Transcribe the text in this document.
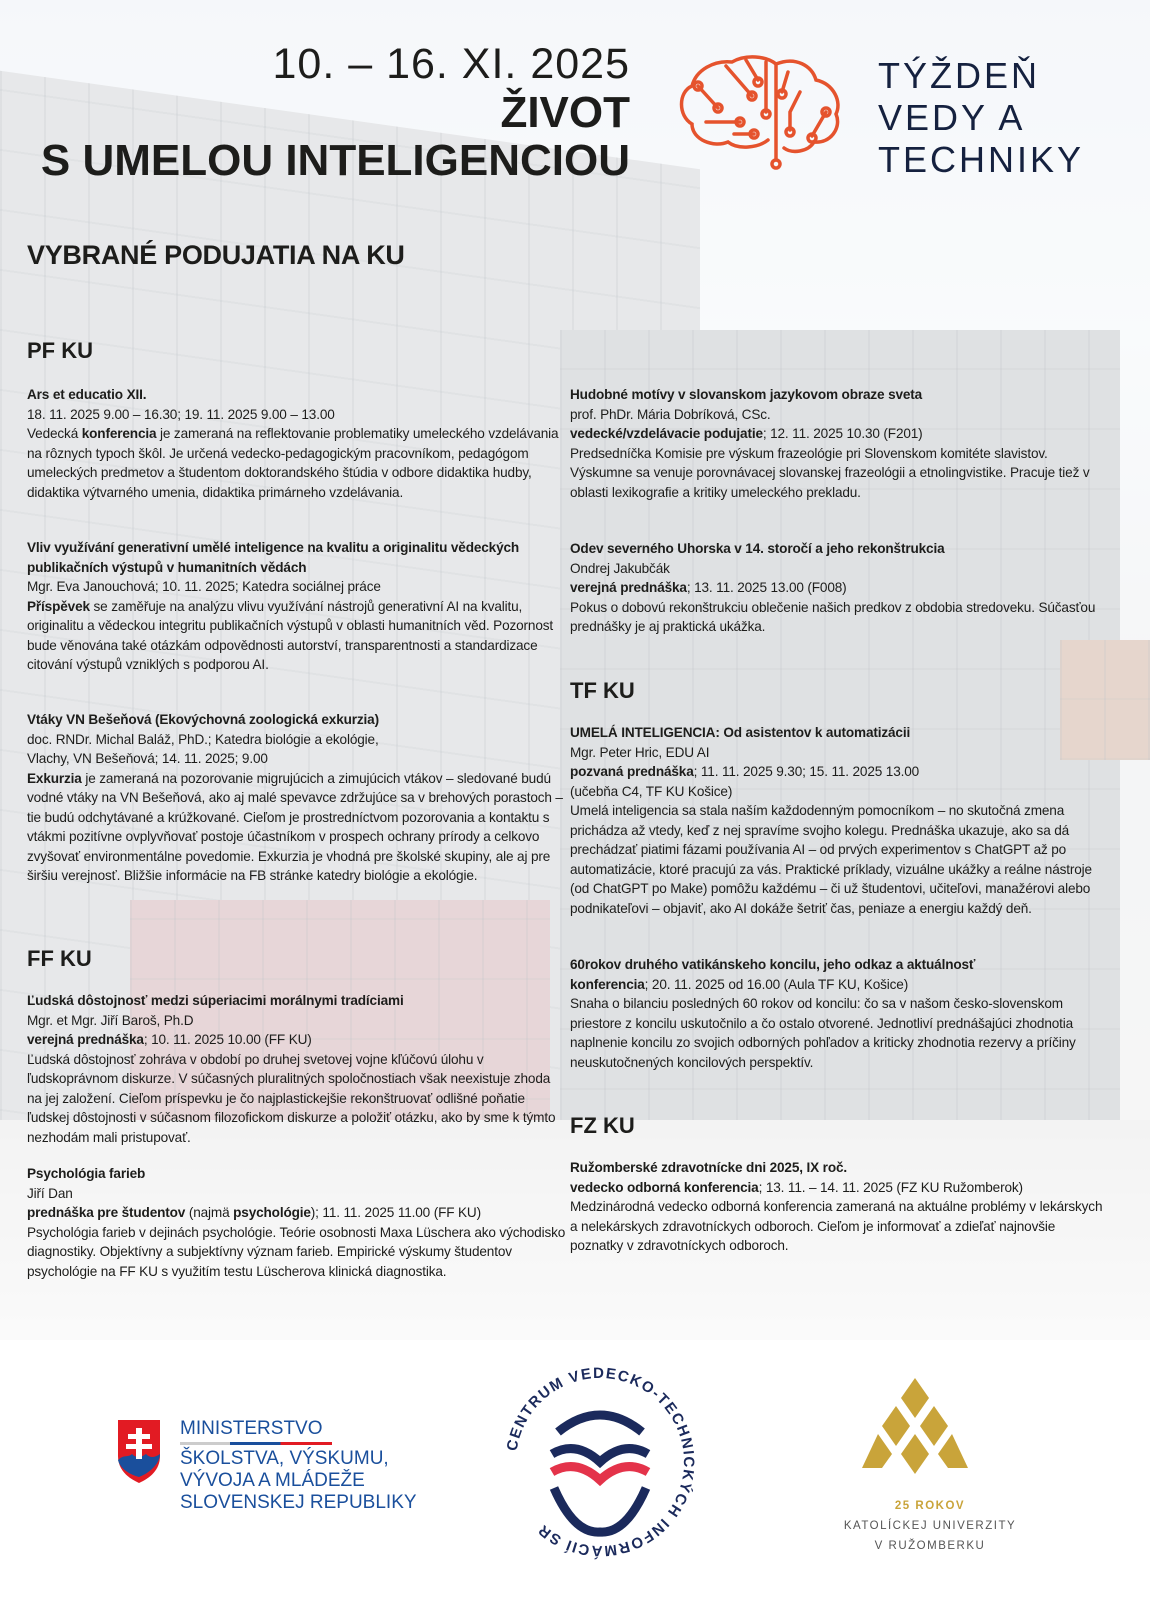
10. – 16. XI. 2025
ŽIVOT
S UMELOU INTELIGENCIOU
TÝŽDEŇ
VEDY A
TECHNIKY
VYBRANÉ PODUJATIA NA KU
PF KU
FF KU
TF KU
FZ KU
Ars et educatio XII.
18. 11. 2025 9.00 – 16.30; 19. 11. 2025 9.00 – 13.00
Vedecká konferencia je zameraná na reflektovanie problematiky umeleckého vzdelávania na rôznych typoch škôl. Je určená vedecko-pedagogickým pracovníkom, pedagógom umeleckých predmetov a študentom doktorandského štúdia v odbore didaktika hudby, didaktika výtvarného umenia, didaktika primárneho vzdelávania.
Vliv využívání generativní umělé inteligence na kvalitu a originalitu vědeckých publikačních výstupů v humanitních vědách
Mgr. Eva Janouchová; 10. 11. 2025; Katedra sociálnej práce
Příspěvek se zaměřuje na analýzu vlivu využívání nástrojů generativní AI na kvalitu, originalitu a vědeckou integritu publikačních výstupů v oblasti humanitních věd. Pozornost bude věnována také otázkám odpovědnosti autorství, transparentnosti a standardizace citování výstupů vzniklých s podporou AI.
Vtáky VN Bešeňová (Ekovýchovná zoologická exkurzia)
doc. RNDr. Michal Baláž, PhD.; Katedra biológie a ekológie,
Vlachy, VN Bešeňová; 14. 11. 2025; 9.00
Exkurzia je zameraná na pozorovanie migrujúcich a zimujúcich vtákov – sledované budú vodné vtáky na VN Bešeňová, ako aj malé spevavce zdržujúce sa v brehových porastoch – tie budú odchytávané a krúžkované. Cieľom je prostredníctvom pozorovania a kontaktu s vtákmi pozitívne ovplyvňovať postoje účastníkom v prospech ochrany prírody a celkovo zvyšovať environmentálne povedomie. Exkurzia je vhodná pre školské skupiny, ale aj pre širšiu verejnosť. Bližšie informácie na FB stránke katedry biológie a ekológie.
Hudobné motívy v slovanskom jazykovom obraze sveta
prof. PhDr. Mária Dobríková, CSc.
vedecké/vzdelávacie podujatie; 12. 11. 2025 10.30 (F201)
Predsedníčka Komisie pre výskum frazeológie pri Slovenskom komitéte slavistov. Výskumne sa venuje porovnávacej slovanskej frazeológii a etnolingvistike. Pracuje tiež v oblasti lexikografie a kritiky umeleckého prekladu.
Odev severného Uhorska v 14. storočí a jeho rekonštrukcia
Ondrej Jakubčák
verejná prednáška; 13. 11. 2025 13.00 (F008)
Pokus o dobovú rekonštrukciu oblečenie našich predkov z obdobia stredoveku. Súčasťou prednášky je aj praktická ukážka.
Ľudská dôstojnosť medzi súperiacimi morálnymi tradíciami
Mgr. et Mgr. Jiří Baroš, Ph.D
verejná prednáška; 10. 11. 2025 10.00 (FF KU)
Ľudská dôstojnosť zohráva v období po druhej svetovej vojne kľúčovú úlohu v ľudskoprávnom diskurze. V súčasných pluralitných spoločnostiach však neexistuje zhoda na jej založení. Cieľom príspevku je čo najplastickejšie rekonštruovať odlišné poňatie ľudskej dôstojnosti v súčasnom filozofickom diskurze a položiť otázku, ako by sme k týmto nezhodám mali pristupovať.
Psychológia farieb
Jiří Dan
prednáška pre študentov (najmä psychológie); 11. 11. 2025 11.00 (FF KU)
Psychológia farieb v dejinách psychológie. Teórie osobnosti Maxa Lüschera ako východisko diagnostiky. Objektívny a subjektívny význam farieb. Empirické výskumy študentov psychológie na FF KU s využitím testu Lüscherova klinická diagnostika.
UMELÁ INTELIGENCIA: Od asistentov k automatizácii
Mgr. Peter Hric, EDU AI
pozvaná prednáška; 11. 11. 2025 9.30; 15. 11. 2025 13.00
(učebňa C4, TF KU Košice)
Umelá inteligencia sa stala naším každodenným pomocníkom – no skutočná zmena prichádza až vtedy, keď z nej spravíme svojho kolegu. Prednáška ukazuje, ako sa dá prechádzať piatimi fázami používania AI – od prvých experimentov s ChatGPT až po automatizácie, ktoré pracujú za vás. Praktické príklady, vizuálne ukážky a reálne nástroje (od ChatGPT po Make) pomôžu každému – či už študentovi, učiteľovi, manažérovi alebo podnikateľovi – objaviť, ako AI dokáže šetriť čas, peniaze a energiu každý deň.
60rokov druhého vatikánskeho koncilu, jeho odkaz a aktuálnosť
konferencia; 20. 11. 2025 od 16.00 (Aula TF KU, Košice)
Snaha o bilanciu posledných 60 rokov od koncilu: čo sa v našom česko-slovenskom priestore z koncilu uskutočnilo a čo ostalo otvorené. Jednotliví prednášajúci zhodnotia naplnenie koncilu zo svojich odborných pohľadov a kriticky zhodnotia rezervy a príčiny neuskutočnených koncilových perspektív.
Ružomberské zdravotnícke dni 2025, IX roč.
vedecko odborná konferencia; 13. 11. – 14. 11. 2025 (FZ KU Ružomberok)
Medzinárodná vedecko odborná konferencia zameraná na aktuálne problémy v lekárskych a nelekárskych zdravotníckych odboroch. Cieľom je informovať a zdieľať najnovšie poznatky v zdravotníckych odboroch.
MINISTERSTVO
ŠKOLSTVA, VÝSKUMU,
VÝVOJA A MLÁDEŽE
SLOVENSKEJ REPUBLIKY
CENTRUM VEDECKO-TECHNICKÝCH INFORMÁCIÍ SR
25 ROKOV
KATOLÍCKEJ UNIVERZITY
V RUŽOMBERKU
